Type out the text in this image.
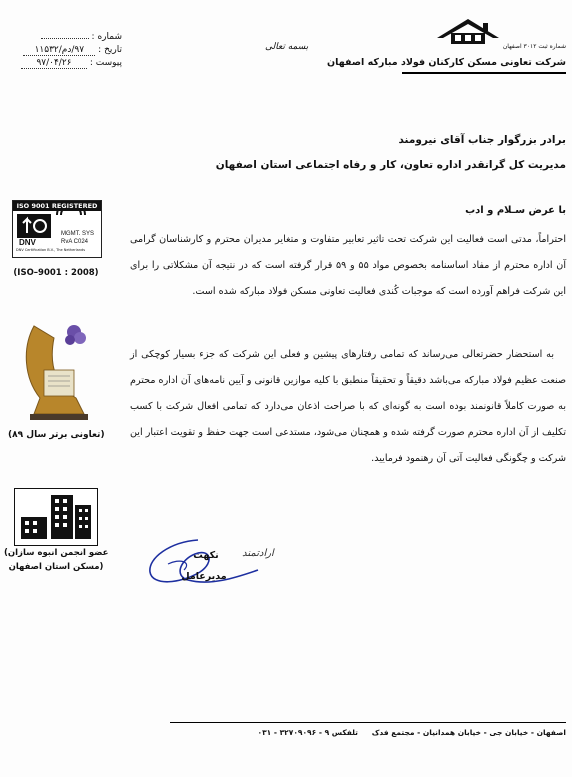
شماره :
تاریخ : ۹۷/دم/۱۱۵۳۲
پیوست : ۹۷/۰۴/۲۶
بسمه تعالی	شماره ثبت ۳۰۱۲ اصفهان
شرکت تعاونی مسکن کارکنان فولاد مبارکه اصفهان
برادر بزرگوار جناب آقای نیرومند
مدیریت کل گرانقدر اداره تعاون، کار و رفاه اجتماعی استان اصفهان
با عرض سـلام و ادب
احتراماً، مدتی است فعالیت این شرکت تحت تاثیر تعابیر متفاوت و متغایر مدیران محترم و کارشناسان گرامی آن اداره محترم از مفاد اساسنامه بخصوص مواد ۵۵ و ۵۹ قرار گرفته است که در نتیجه آن مشکلاتی را برای این شرکت فراهم آورده است که موجبات کُندی فعالیت تعاونی مسکن فولاد مبارکه شده است.
به استحضار حضرتعالی می‌رساند که تمامی رفتارهای پیشین و فعلی این شرکت که جزء بسیار کوچکی از صنعت عظیم فولاد مبارکه می‌باشد دقیقاً و تحقیقاً منطبق با کلیه موازین قانونی و آیین نامه‌های آن اداره محترم به صورت کاملاً قانونمند بوده است به گونه‌ای که با صراحت اذعان می‌دارد که تمامی افعال شرکت با کسب تکلیف از آن اداره محترم صورت گرفته شده و همچنان می‌شود، مستدعی است جهت حفظ و تقویت اعتبار این شرکت و چگونگی فعالیت آتی آن رهنمود فرمایید.
ارادتمند
نکهت
مدیرعامل
ISO 9001 REGISTERED
DNV
MGMT. SYS
RvA C024
DNV Certification B.V., The Netherlands
(ISO–9001 : 2008)
(تعاونی برتر سال ۸۹)
(عضو انجمن انبوه سازان
مسکن استان اصفهان)
اصفهان - خیابان جی - خیابان همدانیان - مجتمع فدک
تلفکس ۹ - ۳۲۷۰۹۰۹۶ - ۰۳۱
